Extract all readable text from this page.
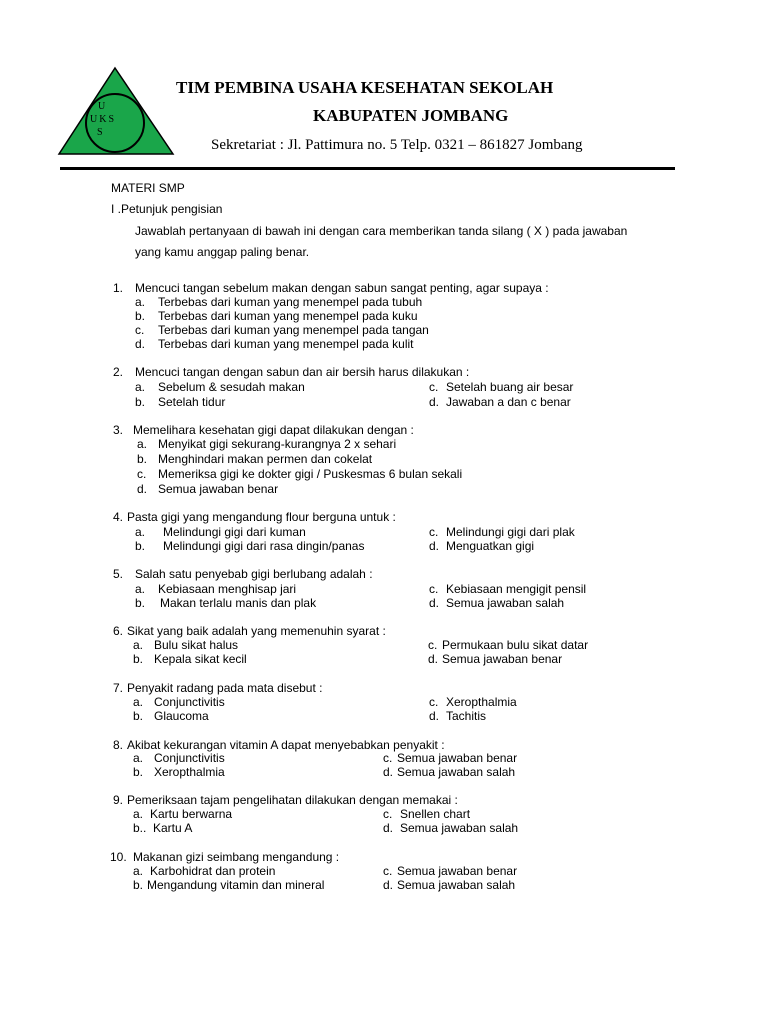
U
UKS
S
TIM PEMBINA USAHA KESEHATAN SEKOLAH
KABUPATEN JOMBANG
Sekretariat : Jl. Pattimura no. 5 Telp. 0321 – 861827 Jombang
MATERI SMP
I .Petunjuk pengisian
Jawablah pertanyaan di bawah ini dengan cara memberikan tanda silang ( X ) pada jawaban
yang kamu anggap paling benar.
1. Mencuci tangan sebelum makan dengan sabun sangat penting, agar supaya :
a. Terbebas dari kuman yang menempel pada tubuh
b. Terbebas dari kuman yang menempel pada kuku
c. Terbebas dari kuman yang menempel pada tangan
d. Terbebas dari kuman yang menempel pada kulit
2. Mencuci tangan dengan sabun dan air bersih harus dilakukan :
a. Sebelum & sesudah makan
b. Setelah tidur
c. Setelah buang air besar
d. Jawaban a dan c benar
3. Memelihara kesehatan gigi dapat dilakukan dengan :
a. Menyikat gigi sekurang-kurangnya 2 x sehari
b. Menghindari makan permen dan cokelat
c. Memeriksa gigi ke dokter gigi / Puskesmas 6 bulan sekali
d. Semua jawaban benar
4. Pasta gigi yang mengandung flour berguna untuk :
a. Melindungi gigi dari kuman
b. Melindungi gigi dari rasa dingin/panas
c. Melindungi gigi dari plak
d. Menguatkan gigi
5. Salah satu penyebab gigi berlubang adalah :
a. Kebiasaan menghisap jari
b. Makan terlalu manis dan plak
c. Kebiasaan mengigit pensil
d. Semua jawaban salah
6. Sikat yang baik adalah yang memenuhin syarat :
a. Bulu sikat halus
b. Kepala sikat kecil
c. Permukaan bulu sikat datar
d. Semua jawaban benar
7. Penyakit radang pada mata disebut :
a. Conjunctivitis
b. Glaucoma
c. Xeropthalmia
d. Tachitis
8. Akibat kekurangan vitamin A dapat menyebabkan penyakit :
a. Conjunctivitis
b. Xeropthalmia
c. Semua jawaban benar
d. Semua jawaban salah
9. Pemeriksaan tajam pengelihatan dilakukan dengan memakai :
a. Kartu berwarna
b.. Kartu A
c. Snellen chart
d. Semua jawaban salah
10. Makanan gizi seimbang mengandung :
a. Karbohidrat dan protein
b. Mengandung vitamin dan mineral
c. Semua jawaban benar
d. Semua jawaban salah
